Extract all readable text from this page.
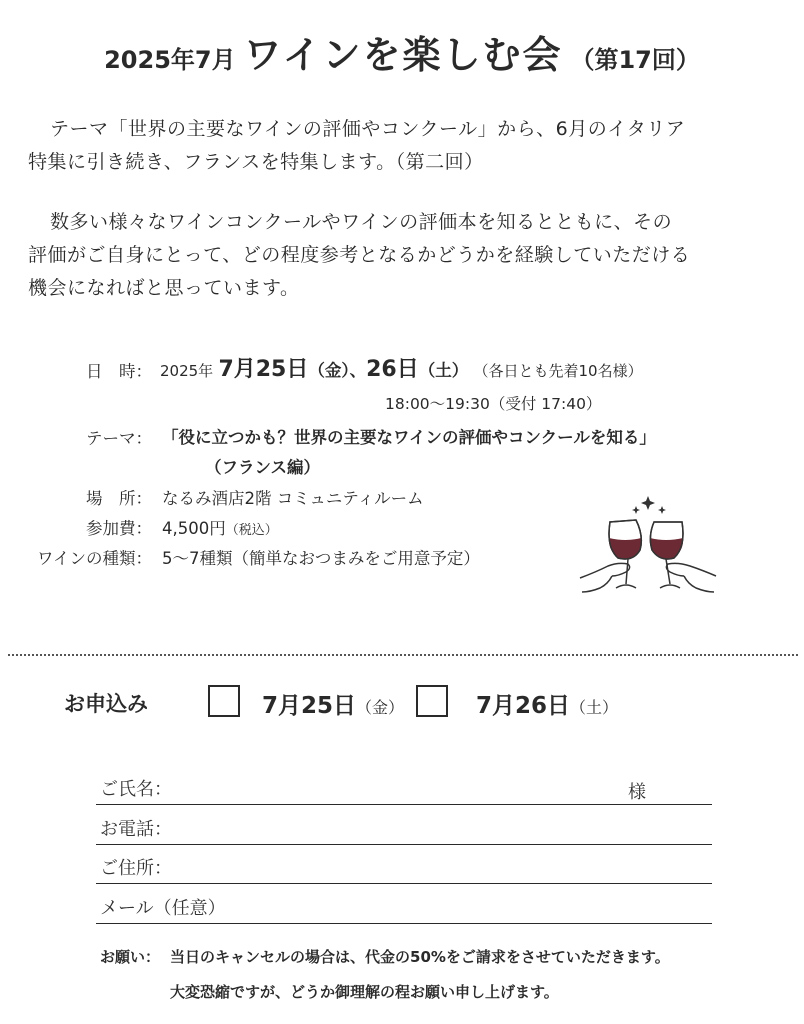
2025年7月 ワインを楽しむ会 （第17回）
テーマ「世界の主要なワインの評価やコンクール」から、6月のイタリア
特集に引き続き、フランスを特集します。（第二回）
数多い様々なワインコンクールやワインの評価本を知るとともに、その
評価がご自身にとって、どの程度参考となるかどうかを経験していただける
機会になればと思っています。
日　時： 2025年 7月25日（金）、26日（土） （各日とも先着10名様）
18:00〜19:30（受付 17:40）
テーマ： 「役に立つかも？世界の主要なワインの評価やコンクールを知る」
（フランス編）
場　所： なるみ酒店2階 コミュニティルーム
参加費： 4,500円（税込）
ワインの種類： 5〜7種類（簡単なおつまみをご用意予定）
お申込み	7月25日（金）	7月26日（土）
ご氏名：	様
お電話：
ご住所：
メール（任意）
お願い： 当日のキャンセルの場合は、代金の50%をご請求をさせていただきます。
大変恐縮ですが、どうか御理解の程お願い申し上げます。
